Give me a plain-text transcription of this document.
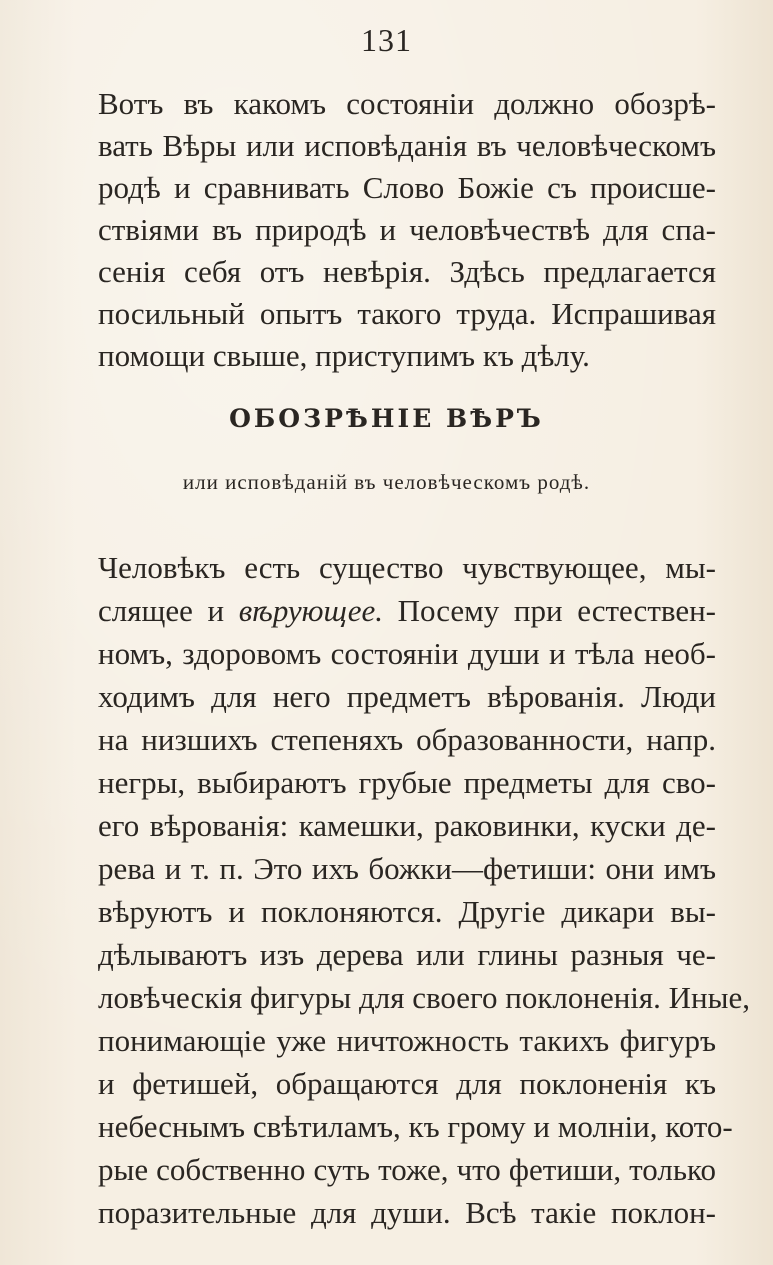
131
Вотъ въ какомъ состояніи должно обозрѣ-
вать Вѣры или исповѣданія въ человѣческомъ
родѣ и сравнивать Слово Божіе съ происше-
ствіями въ природѣ и человѣчествѣ для спа-
сенія себя отъ невѣрія. Здѣсь предлагается
посильный опытъ такого труда. Испрашивая
помощи свыше, приступимъ къ дѣлу.
ОБОЗРѢНІЕ ВѢРЪ
или исповѣданій въ человѣческомъ родѣ.
Человѣкъ есть существо чувствующее, мы-
слящее и вѣрующее. Посему при естествен-
номъ, здоровомъ состояніи души и тѣла необ-
ходимъ для него предметъ вѣрованія. Люди
на низшихъ степеняхъ образованности, напр.
негры, выбираютъ грубые предметы для сво-
его вѣрованія: камешки, раковинки, куски де-
рева и т. п. Это ихъ божки—фетиши: они имъ
вѣруютъ и поклоняются. Другіе дикари вы-
дѣлываютъ изъ дерева или глины разныя че-
ловѣческія фигуры для своего поклоненія. Иные,
понимающіе уже ничтожность такихъ фигуръ
и фетишей, обращаются для поклоненія къ
небеснымъ свѣтиламъ, къ грому и молніи, кото-
рые собственно суть тоже, что фетиши, только
поразительные для души. Всѣ такіе поклон-
